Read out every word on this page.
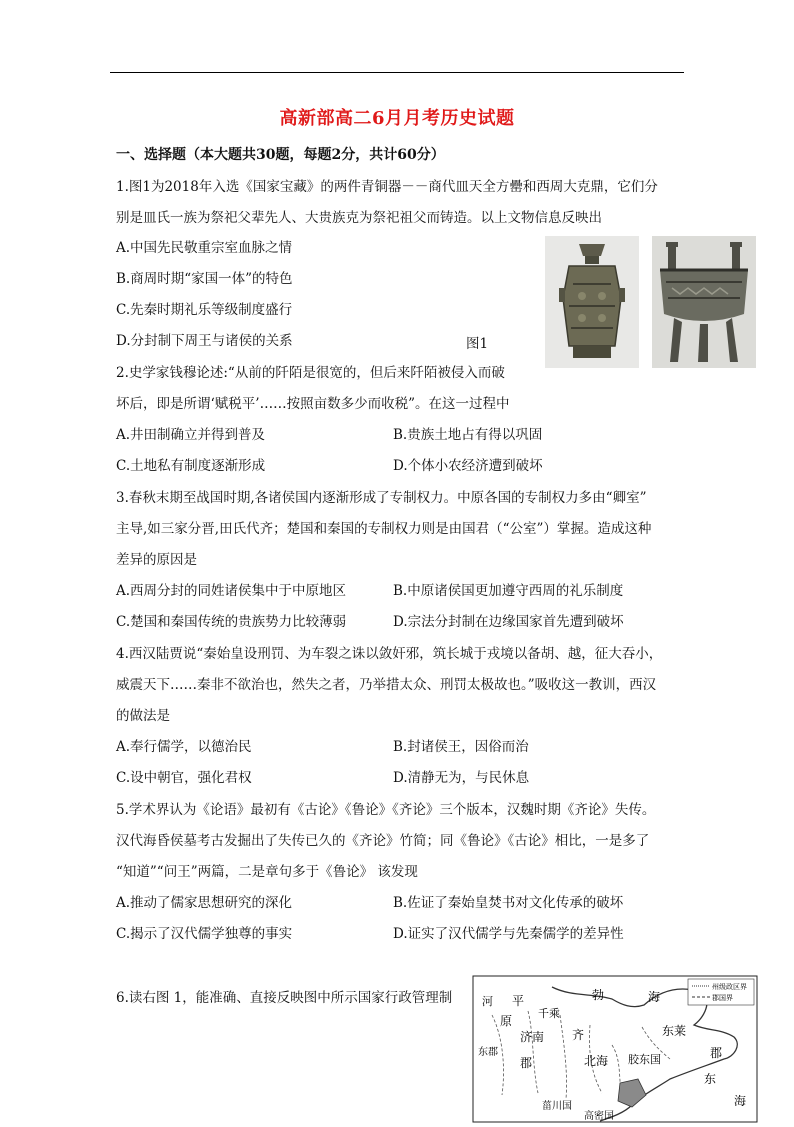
高新部高二6月月考历史试题
一、选择题（本大题共30题，每题2分，共计60分）
1.图1为2018年入选《国家宝藏》的两件青铜器－－商代皿天全方罍和西周大克鼎，它们分
别是皿氏一族为祭祀父辈先人、大贵族克为祭祀祖父而铸造。以上文物信息反映出
A.中国先民敬重宗室血脉之情
B.商周时期“家国一体”的特色
C.先秦时期礼乐等级制度盛行
D.分封制下周王与诸侯的关系	图1
2.史学家钱穆论述:“从前的阡陌是很宽的，但后来阡陌被侵入而破
坏后，即是所谓‘赋税平’……按照亩数多少而收税”。在这一过程中
A.井田制确立并得到普及	B.贵族土地占有得以巩固
C.土地私有制度逐渐形成	D.个体小农经济遭到破坏
3.春秋末期至战国时期,各诸侯国内逐渐形成了专制权力。中原各国的专制权力多由“卿室”
主导,如三家分晋,田氏代齐；楚国和秦国的专制权力则是由国君（“公室”）掌握。造成这种
差异的原因是
A.西周分封的同姓诸侯集中于中原地区	B.中原诸侯国更加遵守西周的礼乐制度
C.楚国和秦国传统的贵族势力比较薄弱	D.宗法分封制在边缘国家首先遭到破坏
4.西汉陆贾说“秦始皇设刑罚、为车裂之诛以敛奸邪，筑长城于戎境以备胡、越，征大吞小，
威震天下……秦非不欲治也，然失之者，乃举措太众、刑罚太极故也。”吸收这一教训，西汉
的做法是
A.奉行儒学，以德治民	B.封诸侯王，因俗而治
C.设中朝官，强化君权	D.清静无为，与民休息
5.学术界认为《论语》最初有《古论》《鲁论》《齐论》三个版本，汉魏时期《齐论》失传。
汉代海昏侯墓考古发掘出了失传已久的《齐论》竹简；同《鲁论》《古论》相比，一是多了
“知道”“问王”两篇，二是章句多于《鲁论》 该发现
A.推动了儒家思想研究的深化	B.佐证了秦始皇焚书对文化传承的破坏
C.揭示了汉代儒学独尊的事实	D.证实了汉代儒学与先秦儒学的差异性
6.读右图 1，能准确、直接反映图中所示国家行政管理制
州级政区界
郡国界
平
原
千乘
济南
郡
齐
北海
菑川国
高密国
胶东国
东莱
郡
勃	海
东
海
河
东郡
